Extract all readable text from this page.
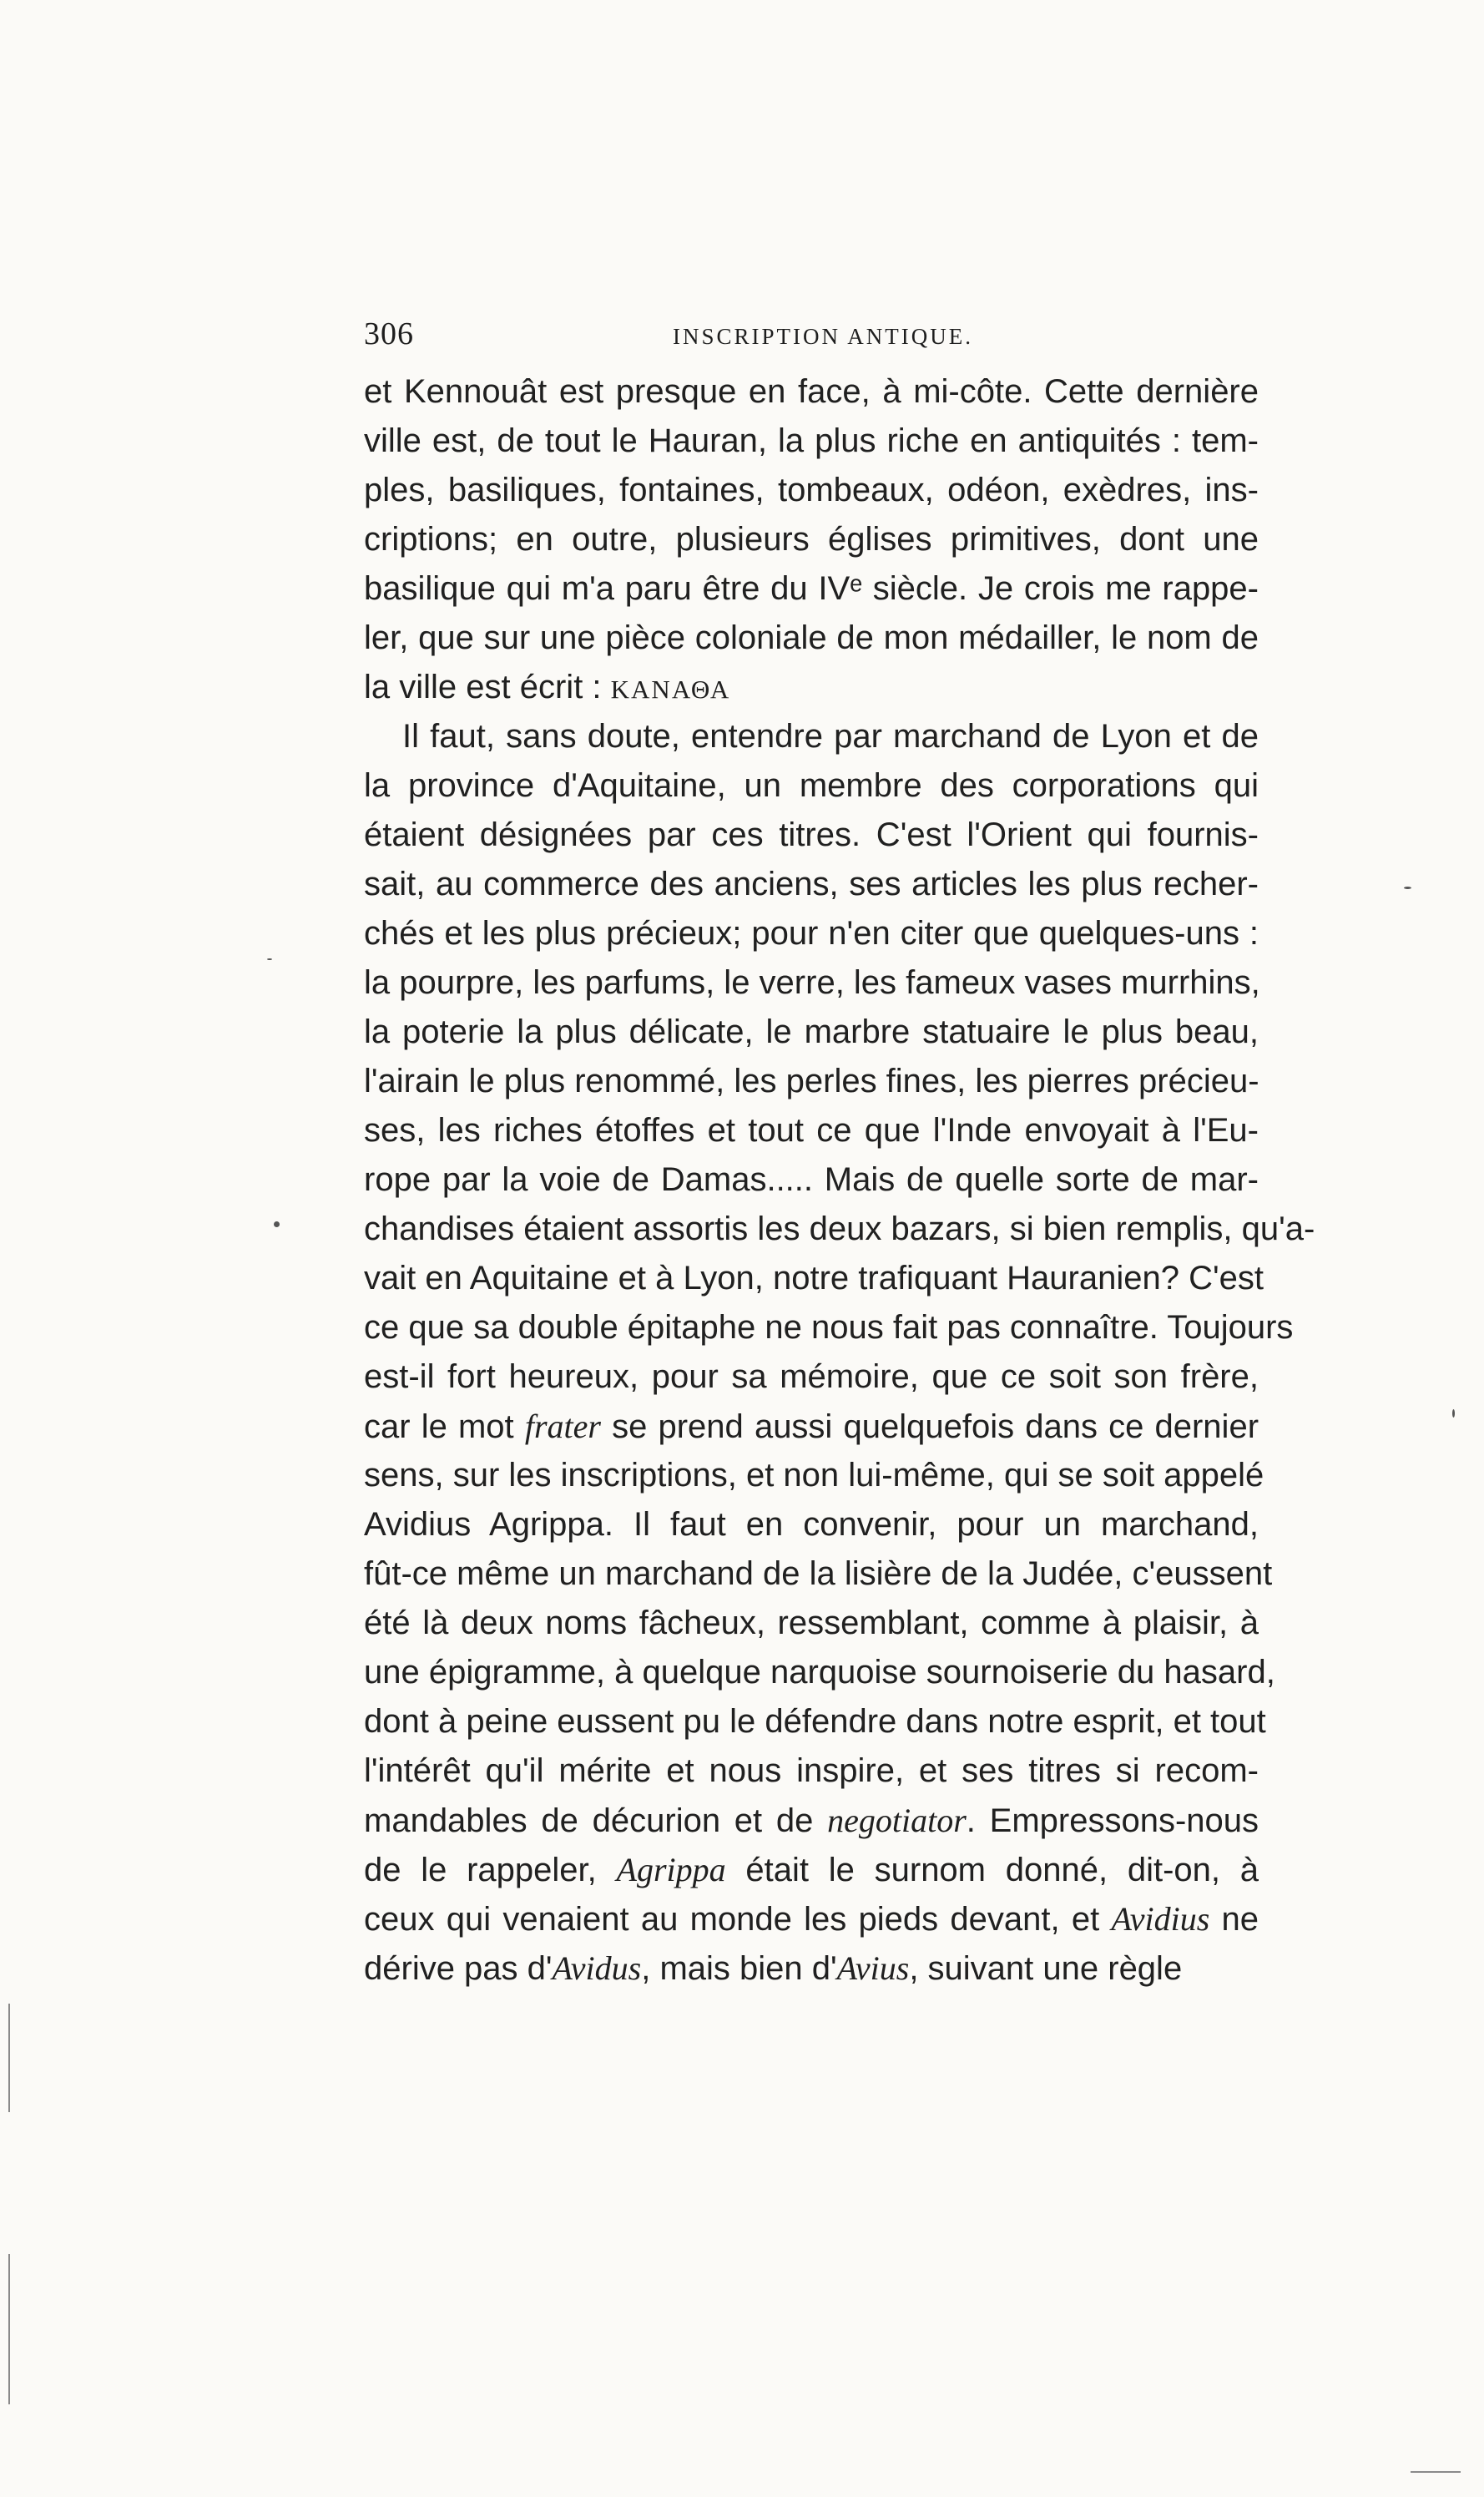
306	INSCRIPTION ANTIQUE.
et Kennouât est presque en face, à mi-côte. Cette dernière
ville est, de tout le Hauran, la plus riche en antiquités : tem-
ples, basiliques, fontaines, tombeaux, odéon, exèdres, ins-
criptions; en outre, plusieurs églises primitives, dont une
basilique qui m'a paru être du IVᵉ siècle. Je crois me rappe-
ler, que sur une pièce coloniale de mon médailler, le nom de
la ville est écrit : ΚΑΝΑΘΑ
Il faut, sans doute, entendre par marchand de Lyon et de
la province d'Aquitaine, un membre des corporations qui
étaient désignées par ces titres. C'est l'Orient qui fournis-
sait, au commerce des anciens, ses articles les plus recher-
chés et les plus précieux; pour n'en citer que quelques-uns :
la pourpre, les parfums, le verre, les fameux vases murrhins,
la poterie la plus délicate, le marbre statuaire le plus beau,
l'airain le plus renommé, les perles fines, les pierres précieu-
ses, les riches étoffes et tout ce que l'Inde envoyait à l'Eu-
rope par la voie de Damas..... Mais de quelle sorte de mar-
chandises étaient assortis les deux bazars, si bien remplis, qu'a-
vait en Aquitaine et à Lyon, notre trafiquant Hauranien? C'est
ce que sa double épitaphe ne nous fait pas connaître. Toujours
est-il fort heureux, pour sa mémoire, que ce soit son frère,
car le mot frater se prend aussi quelquefois dans ce dernier
sens, sur les inscriptions, et non lui-même, qui se soit appelé
Avidius Agrippa. Il faut en convenir, pour un marchand,
fût-ce même un marchand de la lisière de la Judée, c'eussent
été là deux noms fâcheux, ressemblant, comme à plaisir, à
une épigramme, à quelque narquoise sournoiserie du hasard,
dont à peine eussent pu le défendre dans notre esprit, et tout
l'intérêt qu'il mérite et nous inspire, et ses titres si recom-
mandables de décurion et de negotiator. Empressons-nous
de le rappeler, Agrippa était le surnom donné, dit-on, à
ceux qui venaient au monde les pieds devant, et Avidius ne
dérive pas d'Avidus, mais bien d'Avius, suivant une règle
